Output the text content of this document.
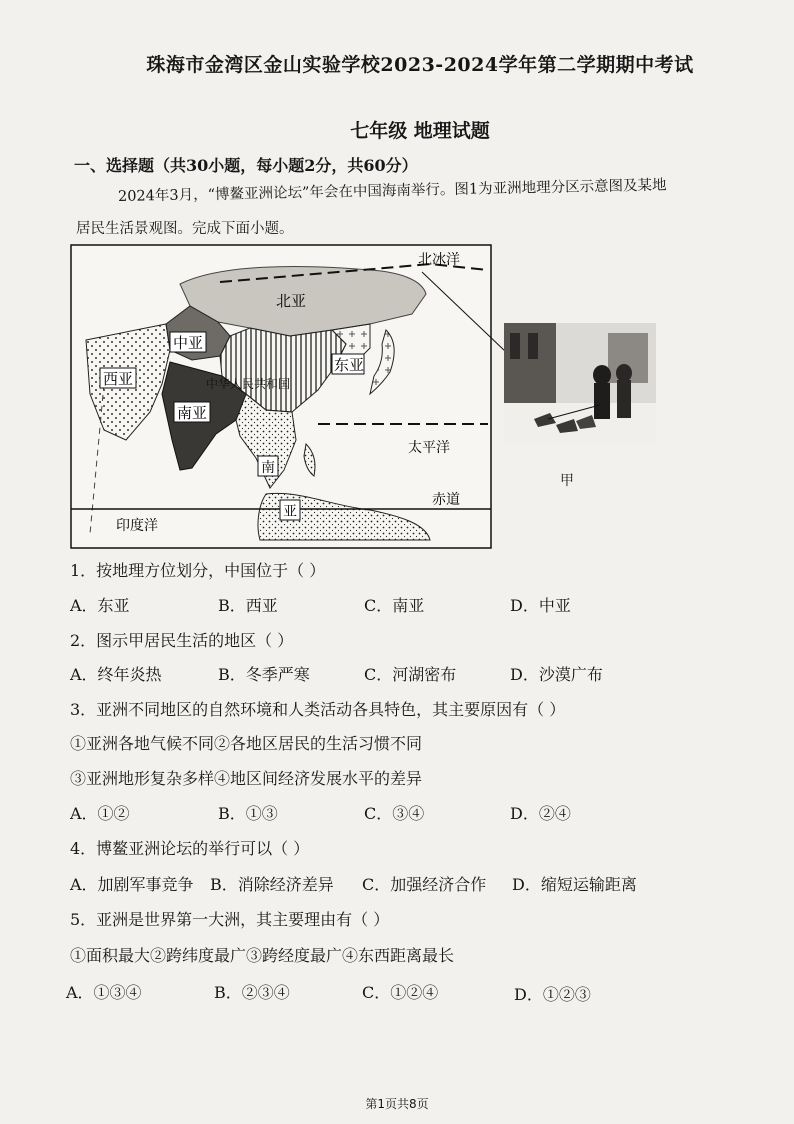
珠海市金湾区金山实验学校2023-2024学年第二学期期中考试
七年级 地理试题
一、选择题（共30小题，每小题2分，共60分）
2024年3月，“博鳌亚洲论坛”年会在中国海南举行。图1为亚洲地理分区示意图及某地
居民生活景观图。完成下面小题。
北冰洋
北亚
中亚
东亚
西亚	中华人民共和国
南亚
太平洋
南
亚
赤道
印度洋
甲
1．按地理方位划分，中国位于（ ）
A．东亚	B．西亚	C．南亚	D．中亚
2．图示甲居民生活的地区（ ）
A．终年炎热	B．冬季严寒	C．河湖密布	D．沙漠广布
3．亚洲不同地区的自然环境和人类活动各具特色，其主要原因有（ ）
①亚洲各地气候不同②各地区居民的生活习惯不同
③亚洲地形复杂多样④地区间经济发展水平的差异
A．①②	B．①③	C．③④	D．②④
4．博鳌亚洲论坛的举行可以（ ）
A．加剧军事竞争 B．消除经济差异 C．加强经济合作 D．缩短运输距离
5．亚洲是世界第一大洲，其主要理由有（ ）
①面积最大②跨纬度最广③跨经度最广④东西距离最长
A．①③④	B．②③④	C．①②④	D．①②③
第1页共8页
